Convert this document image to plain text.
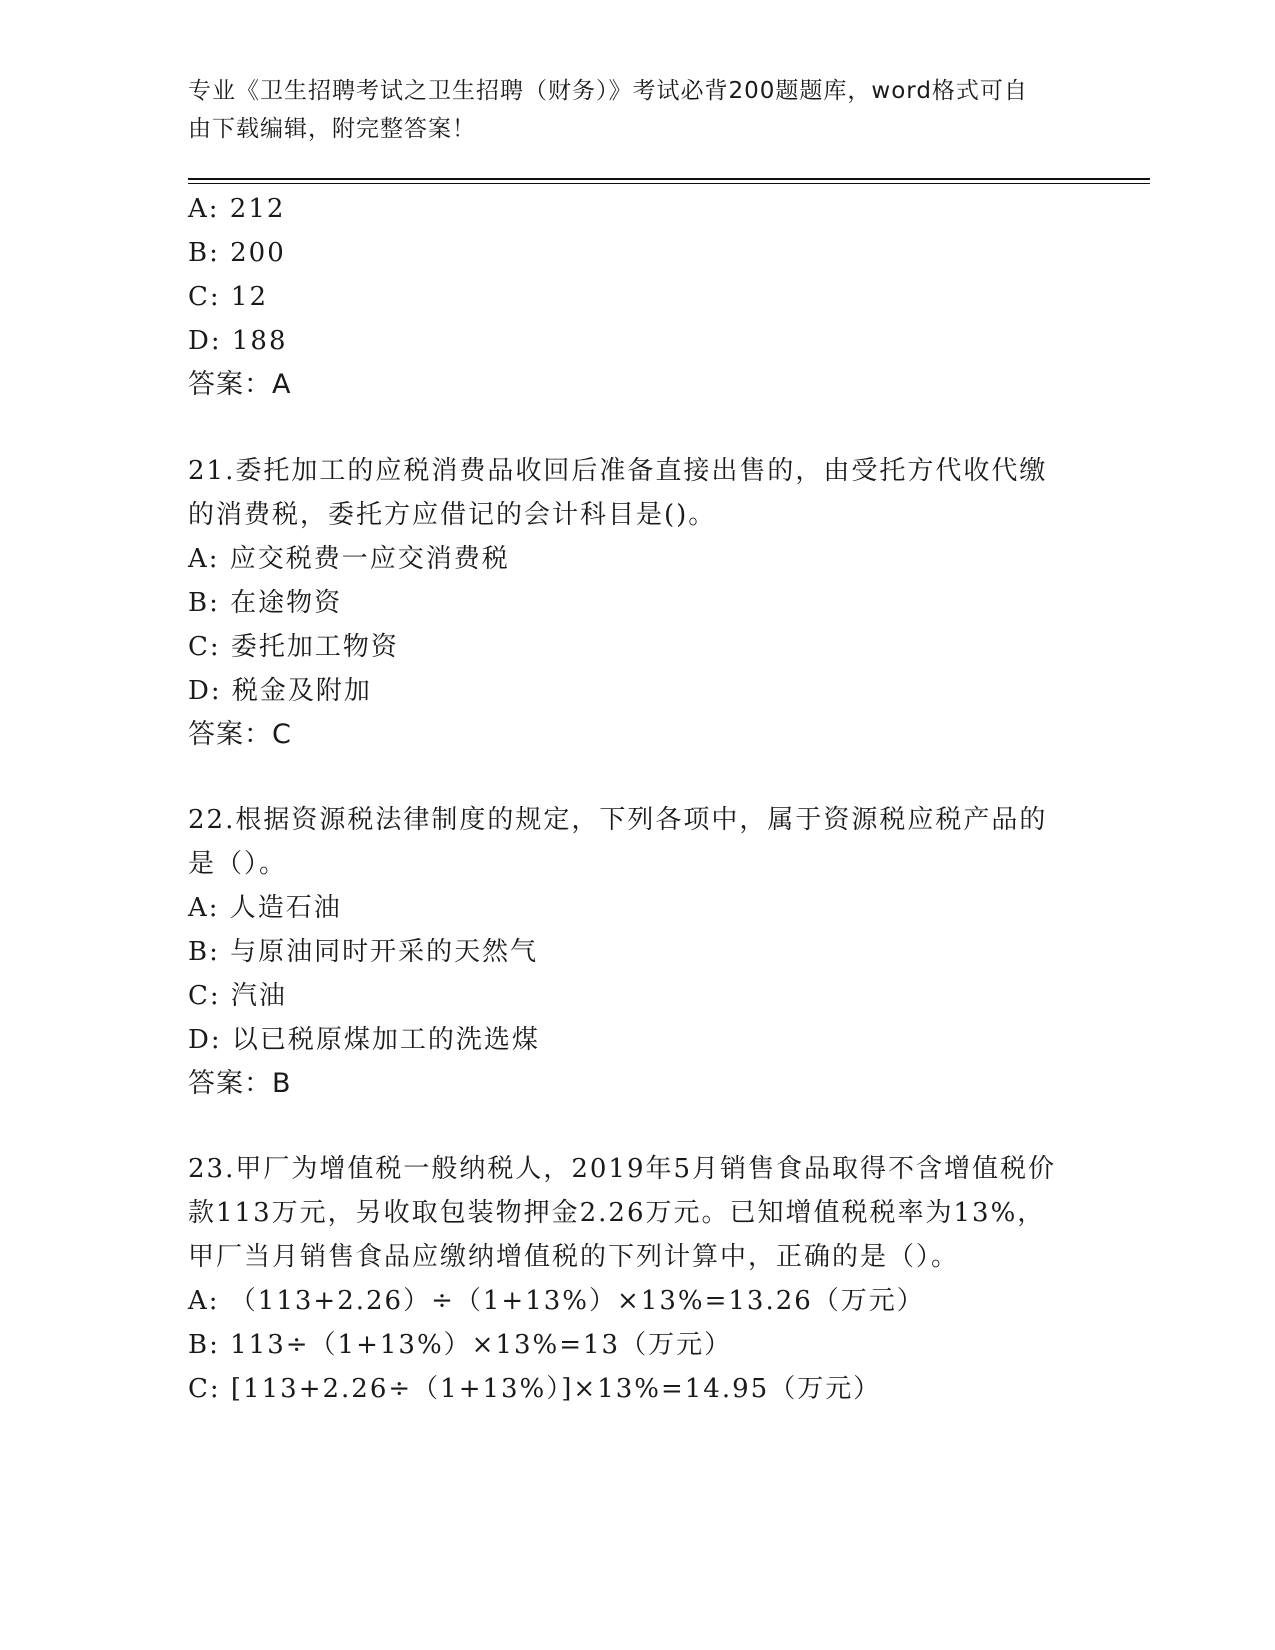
专业《卫生招聘考试之卫生招聘（财务）》考试必背200题题库，word格式可自
由下载编辑，附完整答案！
A: 212
B: 200
C: 12
D: 188
答案：A
21.委托加工的应税消费品收回后准备直接出售的，由受托方代收代缴
的消费税，委托方应借记的会计科目是()。
A: 应交税费一应交消费税
B: 在途物资
C: 委托加工物资
D: 税金及附加
答案：C
22.根据资源税法律制度的规定，下列各项中，属于资源税应税产品的
是（）。
A: 人造石油
B: 与原油同时开采的天然气
C: 汽油
D: 以已税原煤加工的洗选煤
答案：B
23.甲厂为增值税一般纳税人，2019年5月销售食品取得不含增值税价
款113万元，另收取包装物押金2.26万元。已知增值税税率为13%，
甲厂当月销售食品应缴纳增值税的下列计算中，正确的是（）。
A: （113+2.26）÷（1+13%）×13%=13.26（万元）
B: 113÷（1+13%）×13%=13（万元）
C: [113+2.26÷（1+13%）]×13%=14.95（万元）
